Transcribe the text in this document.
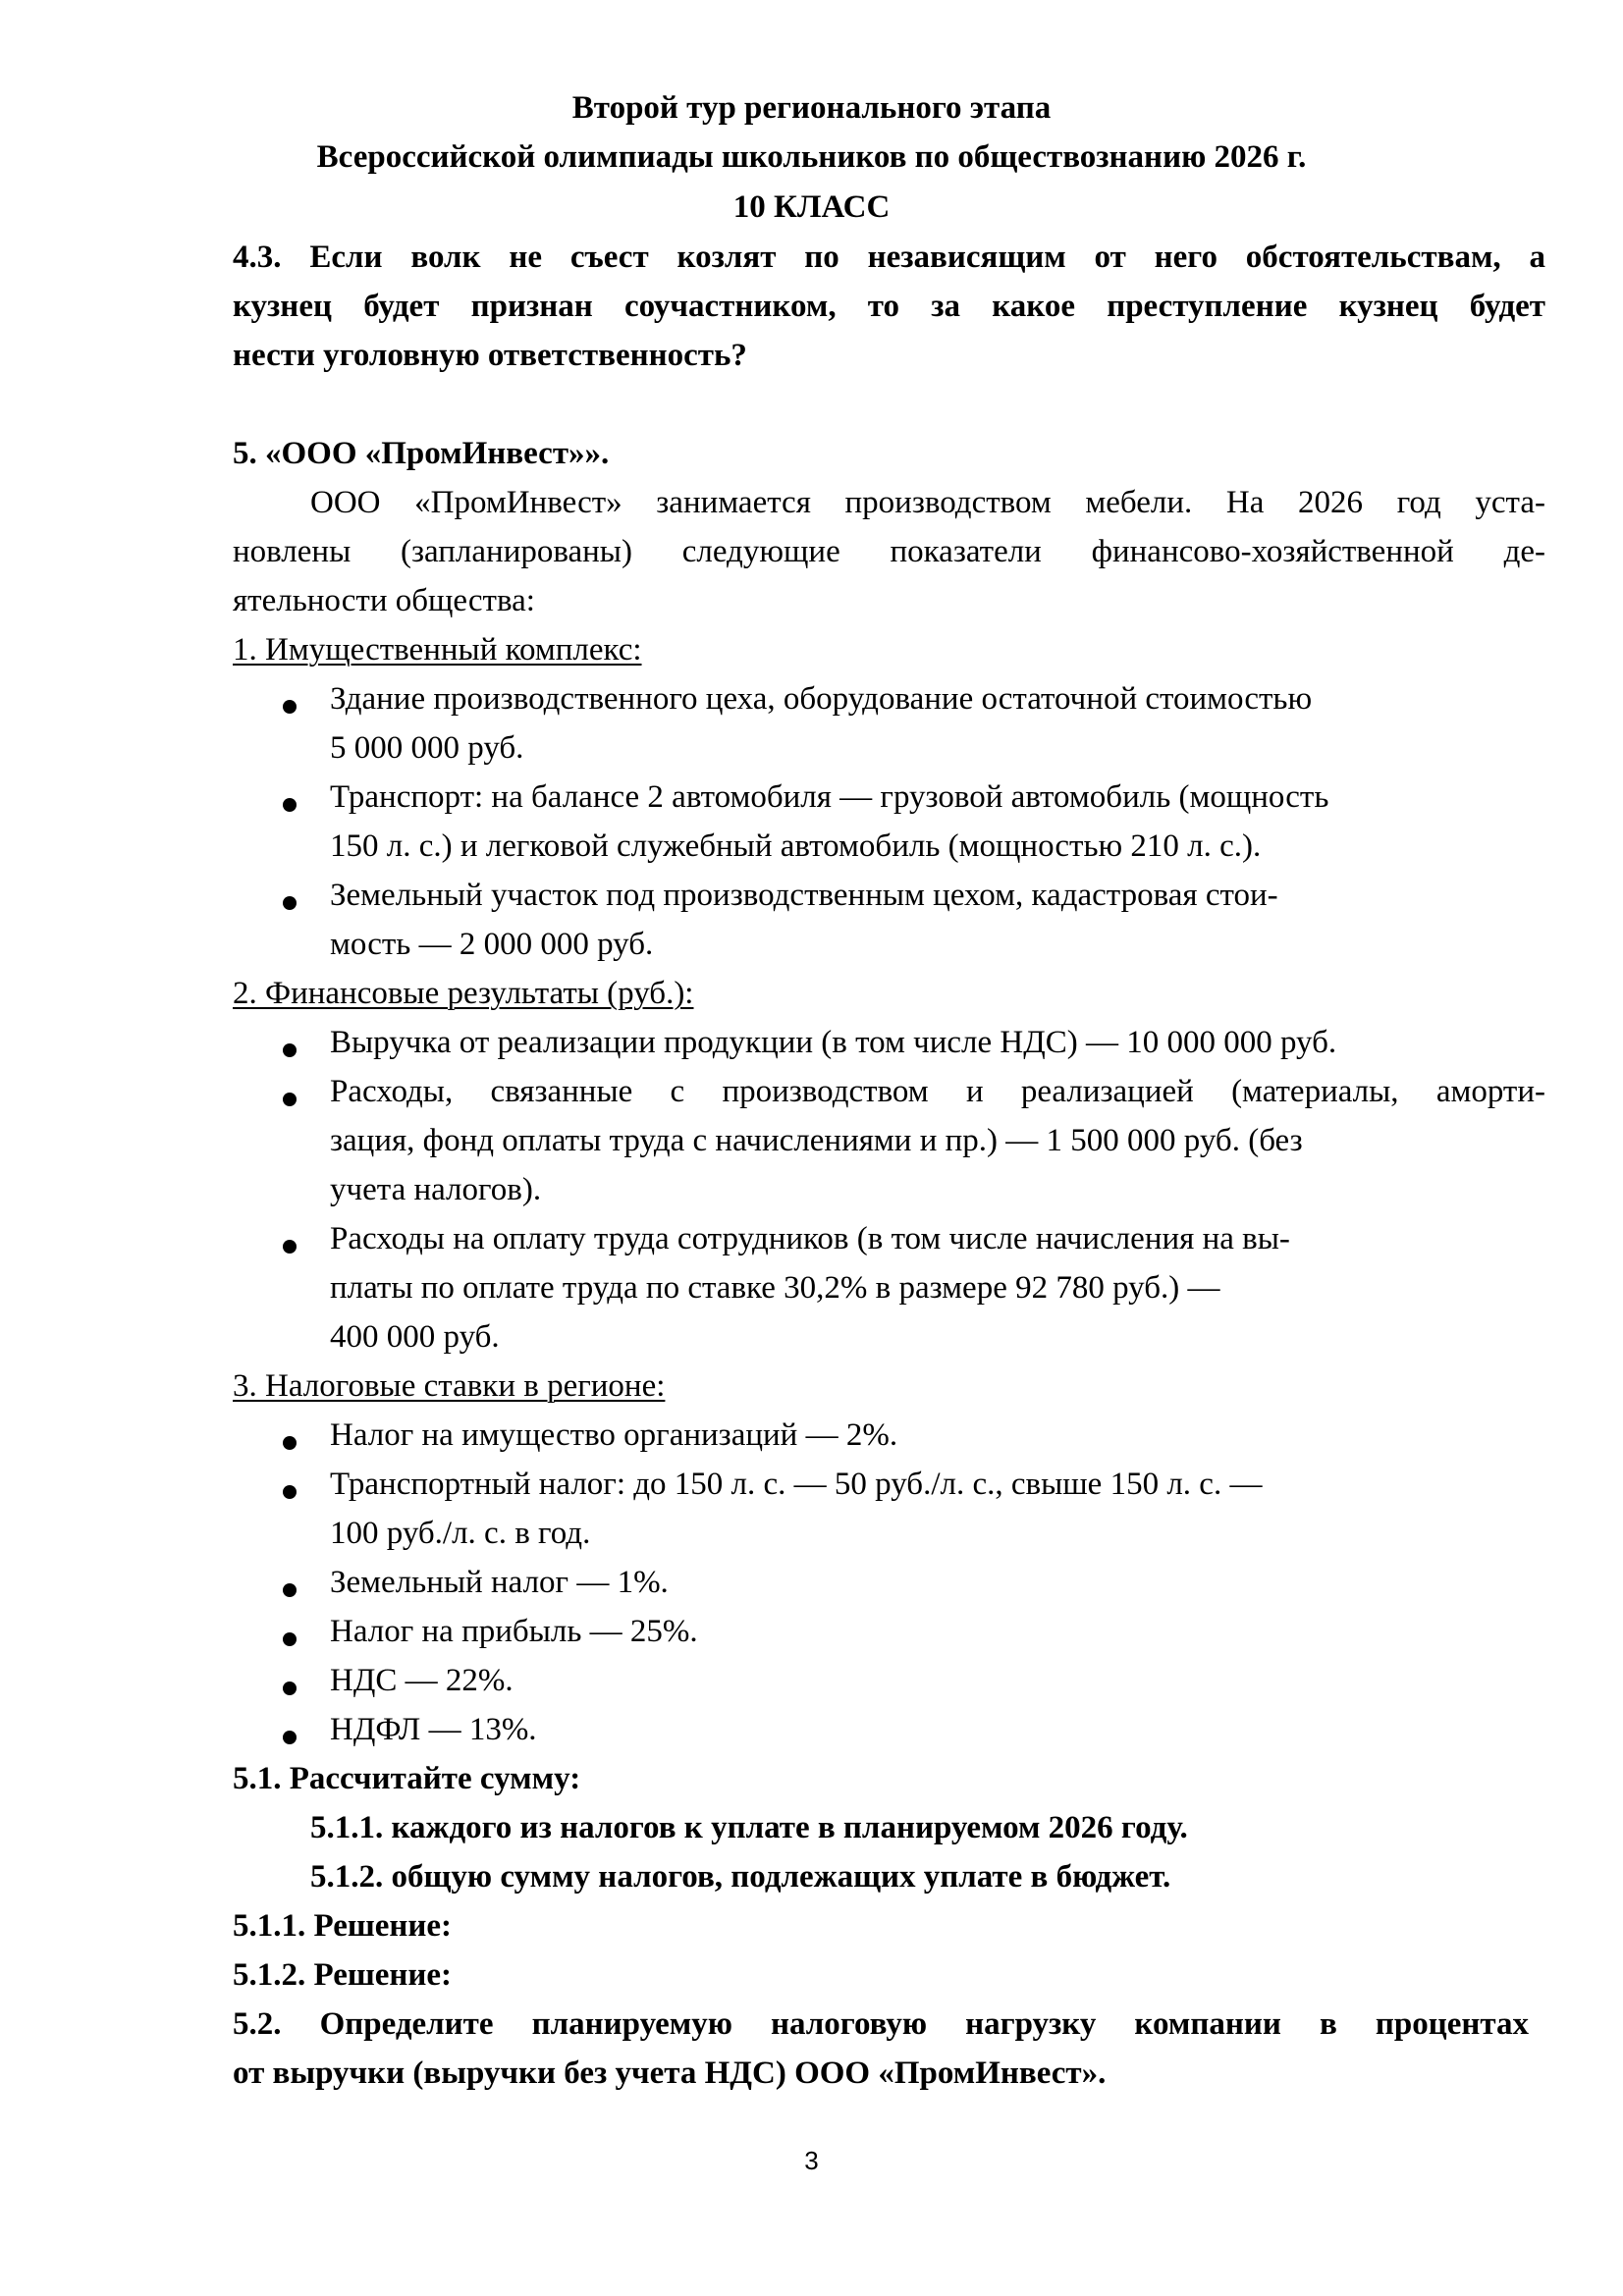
Второй тур регионального этапа
Всероссийской олимпиады школьников по обществознанию 2026 г.
10 КЛАСС
4.3. Если волк не съест козлят по независящим от него обстоятельствам, а
кузнец будет признан соучастником, то за какое преступление кузнец будет
нести уголовную ответственность?
5. «ООО «ПромИнвест»».
ООО «ПромИнвест» занимается производством мебели. На 2026 год уста-
новлены (запланированы) следующие показатели финансово-хозяйственной де-
ятельности общества:
1. Имущественный комплекс:
Здание производственного цеха, оборудование остаточной стоимостью
5 000 000 руб.
Транспорт: на балансе 2 автомобиля — грузовой автомобиль (мощность
150 л. с.) и легковой служебный автомобиль (мощностью 210 л. с.).
Земельный участок под производственным цехом, кадастровая стои-
мость — 2 000 000 руб.
2. Финансовые результаты (руб.):
Выручка от реализации продукции (в том числе НДС) — 10 000 000 руб.
Расходы, связанные с производством и реализацией (материалы, аморти-
зация, фонд оплаты труда с начислениями и пр.) — 1 500 000 руб. (без
учета налогов).
Расходы на оплату труда сотрудников (в том числе начисления на вы-
платы по оплате труда по ставке 30,2% в размере 92 780 руб.) —
400 000 руб.
3. Налоговые ставки в регионе:
Налог на имущество организаций — 2%.
Транспортный налог: до 150 л. с. — 50 руб./л. с., свыше 150 л. с. —
100 руб./л. с. в год.
Земельный налог — 1%.
Налог на прибыль — 25%.
НДС — 22%.
НДФЛ — 13%.
5.1. Рассчитайте сумму:
5.1.1. каждого из налогов к уплате в планируемом 2026 году.
5.1.2. общую сумму налогов, подлежащих уплате в бюджет.
5.1.1. Решение:
5.1.2. Решение:
5.2. Определите планируемую налоговую нагрузку компании в процентах
от выручки (выручки без учета НДС) ООО «ПромИнвест».
3
